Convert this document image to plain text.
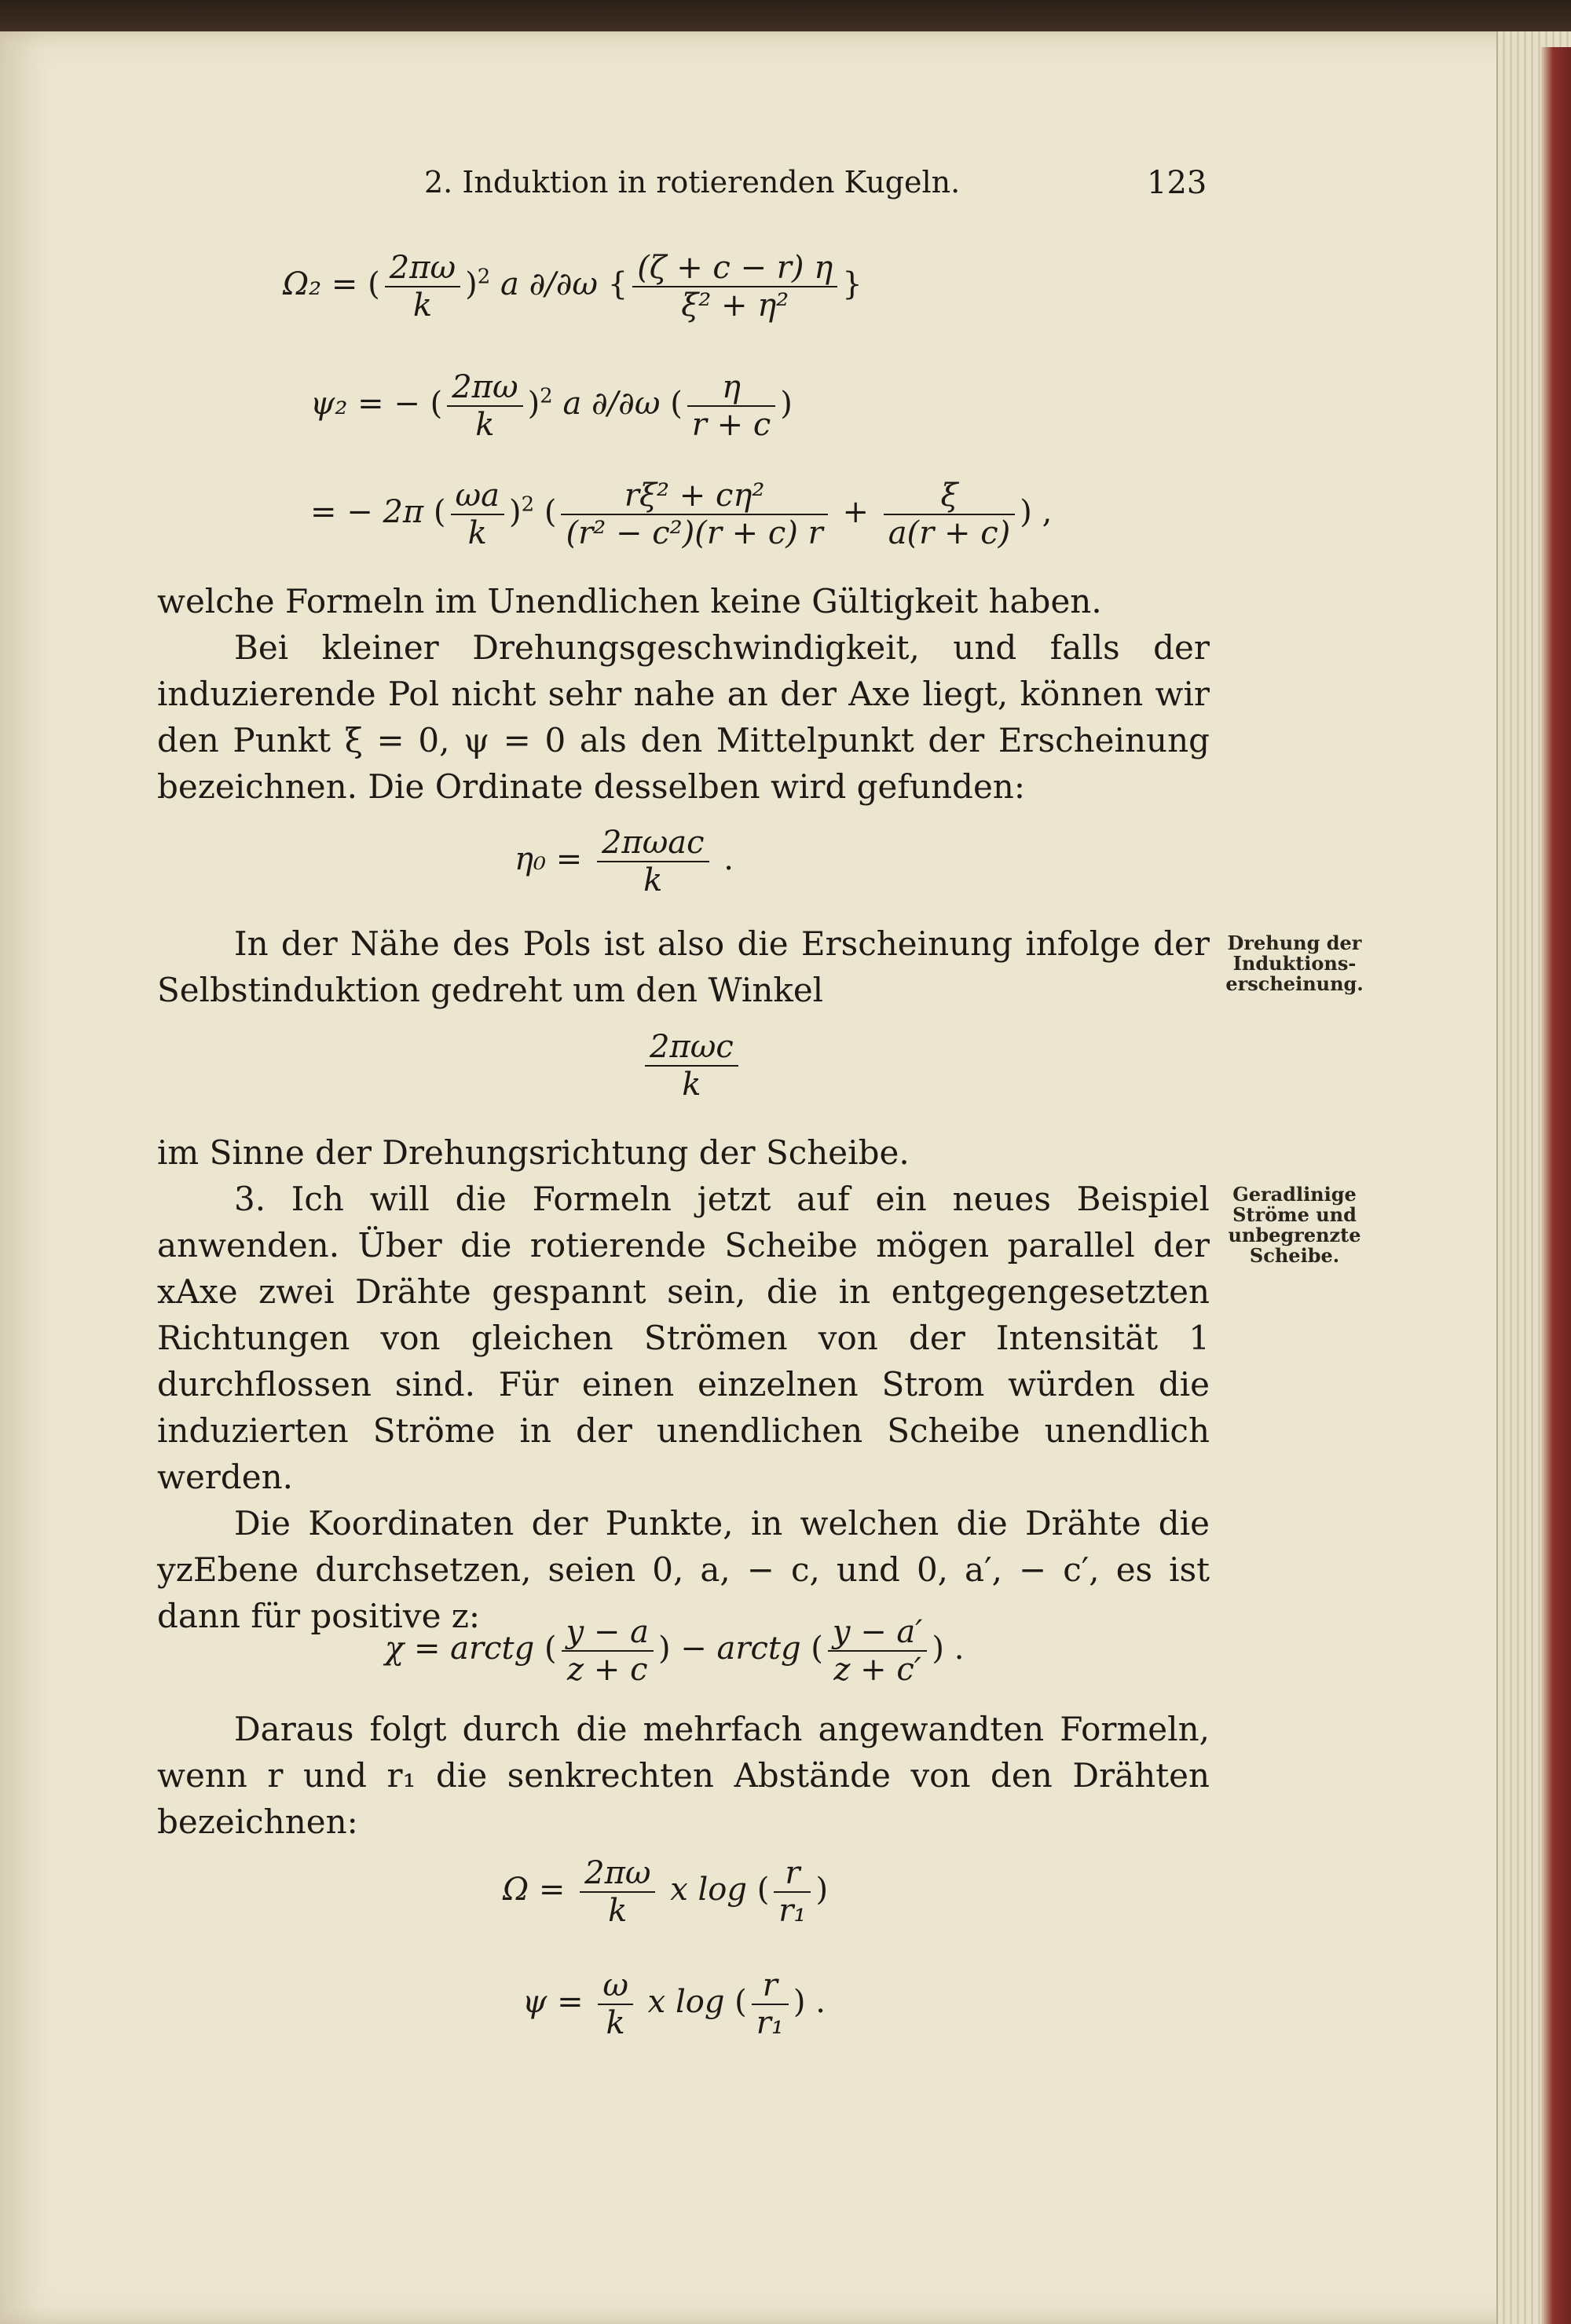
2. Induktion in rotierenden Kugeln.	123
Ω₂ = ( $\frac{2\pi\omega}{k} )^2$ a ∂/∂ω { $\frac{(\zeta + c - r) \eta}{\text{ξ² + η²}}$ }
ψ₂ = − ( $\frac{2\pi\omega}{k} )^2$ a ∂/∂ω ( $\frac{\eta}{r + c}$ )
= − 2π ( $\frac{\omega a}{k} )^2$ ( $\frac{\text{rξ² + cη²}}{\text{(r² − c²)(r + c) r}} + \frac{\xi}{a(r + c)}$ ) ,

welche Formeln im Unendlichen keine Gültigkeit haben.

Bei kleiner Drehungsgeschwindigkeit, und falls der induzierende Pol nicht sehr nahe an der Axe liegt, können wir den Punkt ξ = 0, ψ = 0 als den Mittelpunkt der Erscheinung bezeichnen. Die Ordinate desselben wird gefunden:

$\eta_0 = \frac{\text{2πωac}}{k}$ .

In der Nähe des Pols ist also die Erscheinung infolge der Selbstinduktion gedreht um den Winkel

Drehung der Induktions-erscheinung.
$\frac{\text{2πωc}}{k}$

im Sinne der Drehungsrichtung der Scheibe.

3. Ich will die Formeln jetzt auf ein neues Beispiel anwenden. Über die rotierende Scheibe mögen parallel der xAxe zwei Drähte gespannt sein, die in entgegengesetzten Richtungen von gleichen Strömen von der Intensität 1 durchflossen sind. Für einen einzelnen Strom würden die induzierten Ströme in der unendlichen Scheibe unendlich werden.

Die Koordinaten der Punkte, in welchen die Drähte die yzEbene durchsetzen, seien 0, a, − c, und 0, a′, − c′, es ist dann für positive z:

Geradlinige Ströme und unbegrenzte Scheibe.
χ = arctg ( $\frac{y - a}{z + c}$ ) − arctg ( $\frac{y - a'}{z + c'}$ ) .

Daraus folgt durch die mehrfach angewandten Formeln, wenn r und r₁ die senkrechten Abstände von den Drähten bezeichnen:

$\Omega = \frac{2\pi\omega}{k}$ x log ( $\frac{r}{\text{r₁}}$ )
$\psi = \frac{\omega}{k}$ x log ( $\frac{r}{\text{r₁}}$ ) .
